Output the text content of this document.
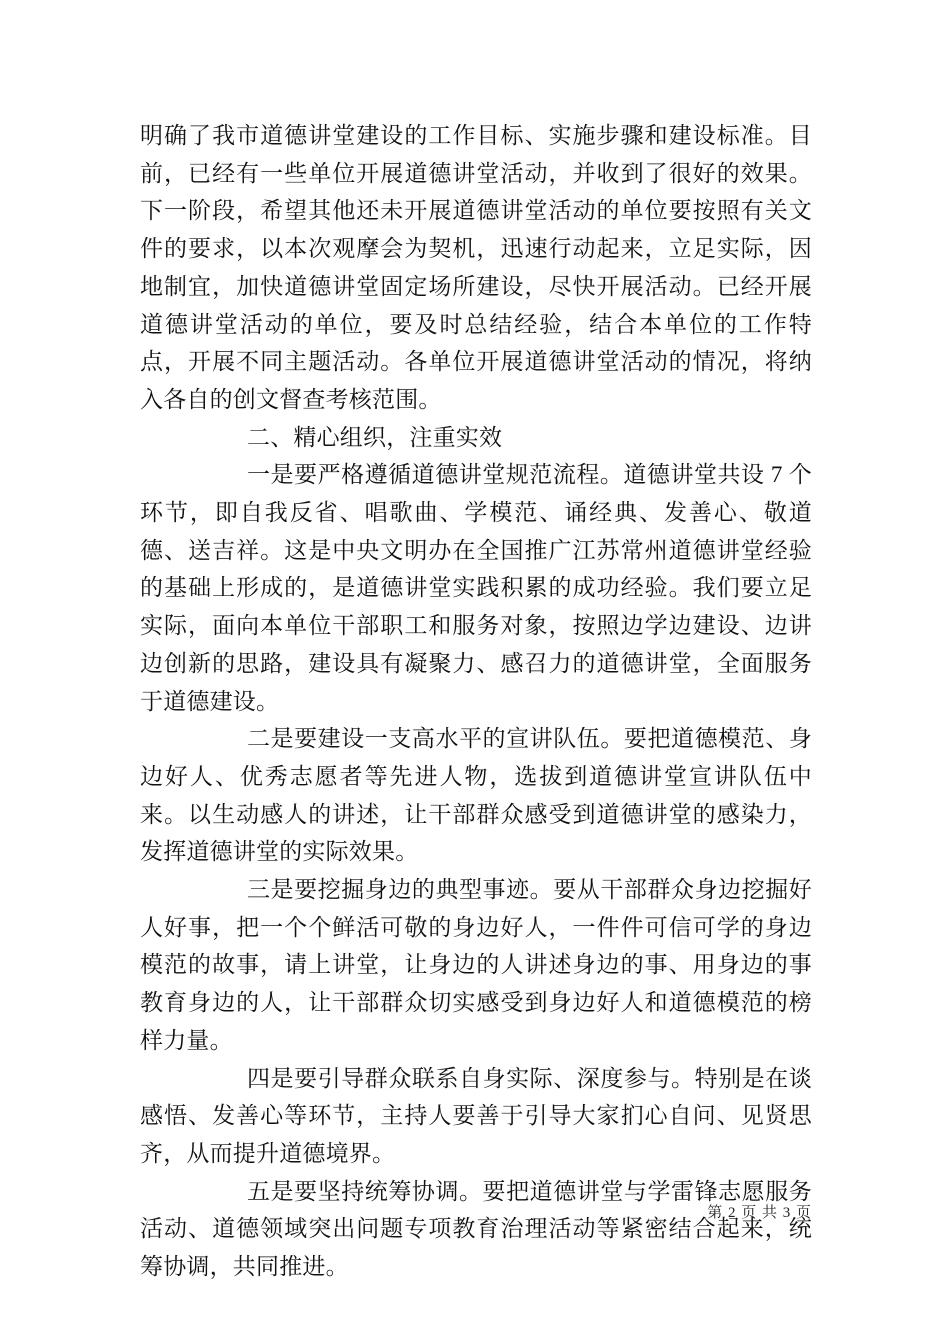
明确了我市道德讲堂建设的工作目标、实施步骤和建设标准。目前，已经有一些单位开展道德讲堂活动，并收到了很好的效果。下一阶段，希望其他还未开展道德讲堂活动的单位要按照有关文件的要求，以本次观摩会为契机，迅速行动起来，立足实际，因地制宜，加快道德讲堂固定场所建设，尽快开展活动。已经开展道德讲堂活动的单位，要及时总结经验，结合本单位的工作特点，开展不同主题活动。各单位开展道德讲堂活动的情况，将纳入各自的创文督查考核范围。

二、精心组织，注重实效

一是要严格遵循道德讲堂规范流程。道德讲堂共设 7 个环节，即自我反省、唱歌曲、学模范、诵经典、发善心、敬道德、送吉祥。这是中央文明办在全国推广江苏常州道德讲堂经验的基础上形成的，是道德讲堂实践积累的成功经验。我们要立足实际，面向本单位干部职工和服务对象，按照边学边建设、边讲边创新的思路，建设具有凝聚力、感召力的道德讲堂，全面服务于道德建设。

二是要建设一支高水平的宣讲队伍。要把道德模范、身边好人、优秀志愿者等先进人物，选拔到道德讲堂宣讲队伍中来。以生动感人的讲述，让干部群众感受到道德讲堂的感染力，发挥道德讲堂的实际效果。

三是要挖掘身边的典型事迹。要从干部群众身边挖掘好人好事，把一个个鲜活可敬的身边好人，一件件可信可学的身边模范的故事，请上讲堂，让身边的人讲述身边的事、用身边的事教育身边的人，让干部群众切实感受到身边好人和道德模范的榜样力量。

四是要引导群众联系自身实际、深度参与。特别是在谈感悟、发善心等环节，主持人要善于引导大家扪心自问、见贤思齐，从而提升道德境界。

五是要坚持统筹协调。要把道德讲堂与学雷锋志愿服务活动、道德领域突出问题专项教育治理活动等紧密结合起来，统筹协调，共同推进。

第 2 页 共 3 页
